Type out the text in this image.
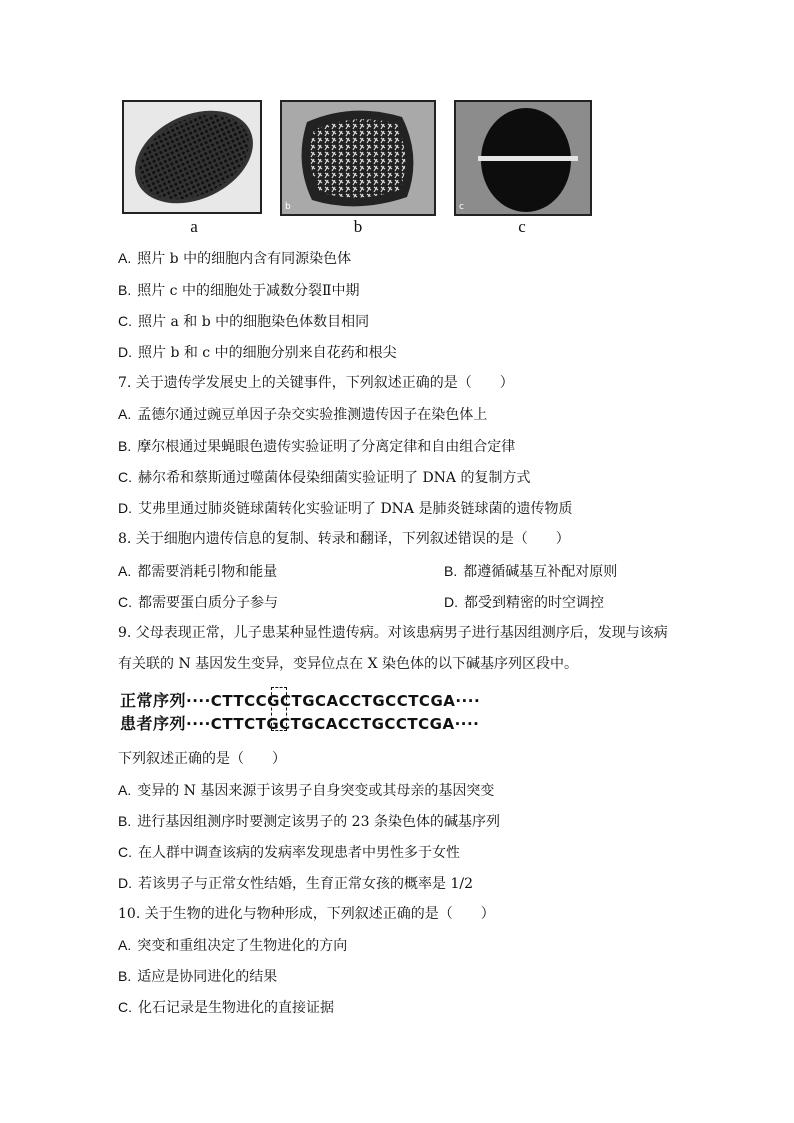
b	c
a	b	c
A. 照片 b 中的细胞内含有同源染色体
B. 照片 c 中的细胞处于减数分裂Ⅱ中期
C. 照片 a 和 b 中的细胞染色体数目相同
D. 照片 b 和 c 中的细胞分别来自花药和根尖
7. 关于遗传学发展史上的关键事件，下列叙述正确的是（　　）
A. 孟德尔通过豌豆单因子杂交实验推测遗传因子在染色体上
B. 摩尔根通过果蝇眼色遗传实验证明了分离定律和自由组合定律
C. 赫尔希和蔡斯通过噬菌体侵染细菌实验证明了 DNA 的复制方式
D. 艾弗里通过肺炎链球菌转化实验证明了 DNA 是肺炎链球菌的遗传物质
8. 关于细胞内遗传信息的复制、转录和翻译，下列叙述错误的是（　　）
A. 都需要消耗引物和能量	B. 都遵循碱基互补配对原则
C. 都需要蛋白质分子参与	D. 都受到精密的时空调控
9. 父母表现正常，儿子患某种显性遗传病。对该患病男子进行基因组测序后，发现与该病
有关联的 N 基因发生变异，变异位点在 X 染色体的以下碱基序列区段中。
正常序列····CTTCCGCTGCACCTGCCTCGA····
患者序列····CTTCTGCTGCACCTGCCTCGA····
下列叙述正确的是（　　）
A. 变异的 N 基因来源于该男子自身突变或其母亲的基因突变
B. 进行基因组测序时要测定该男子的 23 条染色体的碱基序列
C. 在人群中调查该病的发病率发现患者中男性多于女性
D. 若该男子与正常女性结婚，生育正常女孩的概率是 1/2
10. 关于生物的进化与物种形成，下列叙述正确的是（　　）
A. 突变和重组决定了生物进化的方向
B. 适应是协同进化的结果
C. 化石记录是生物进化的直接证据
